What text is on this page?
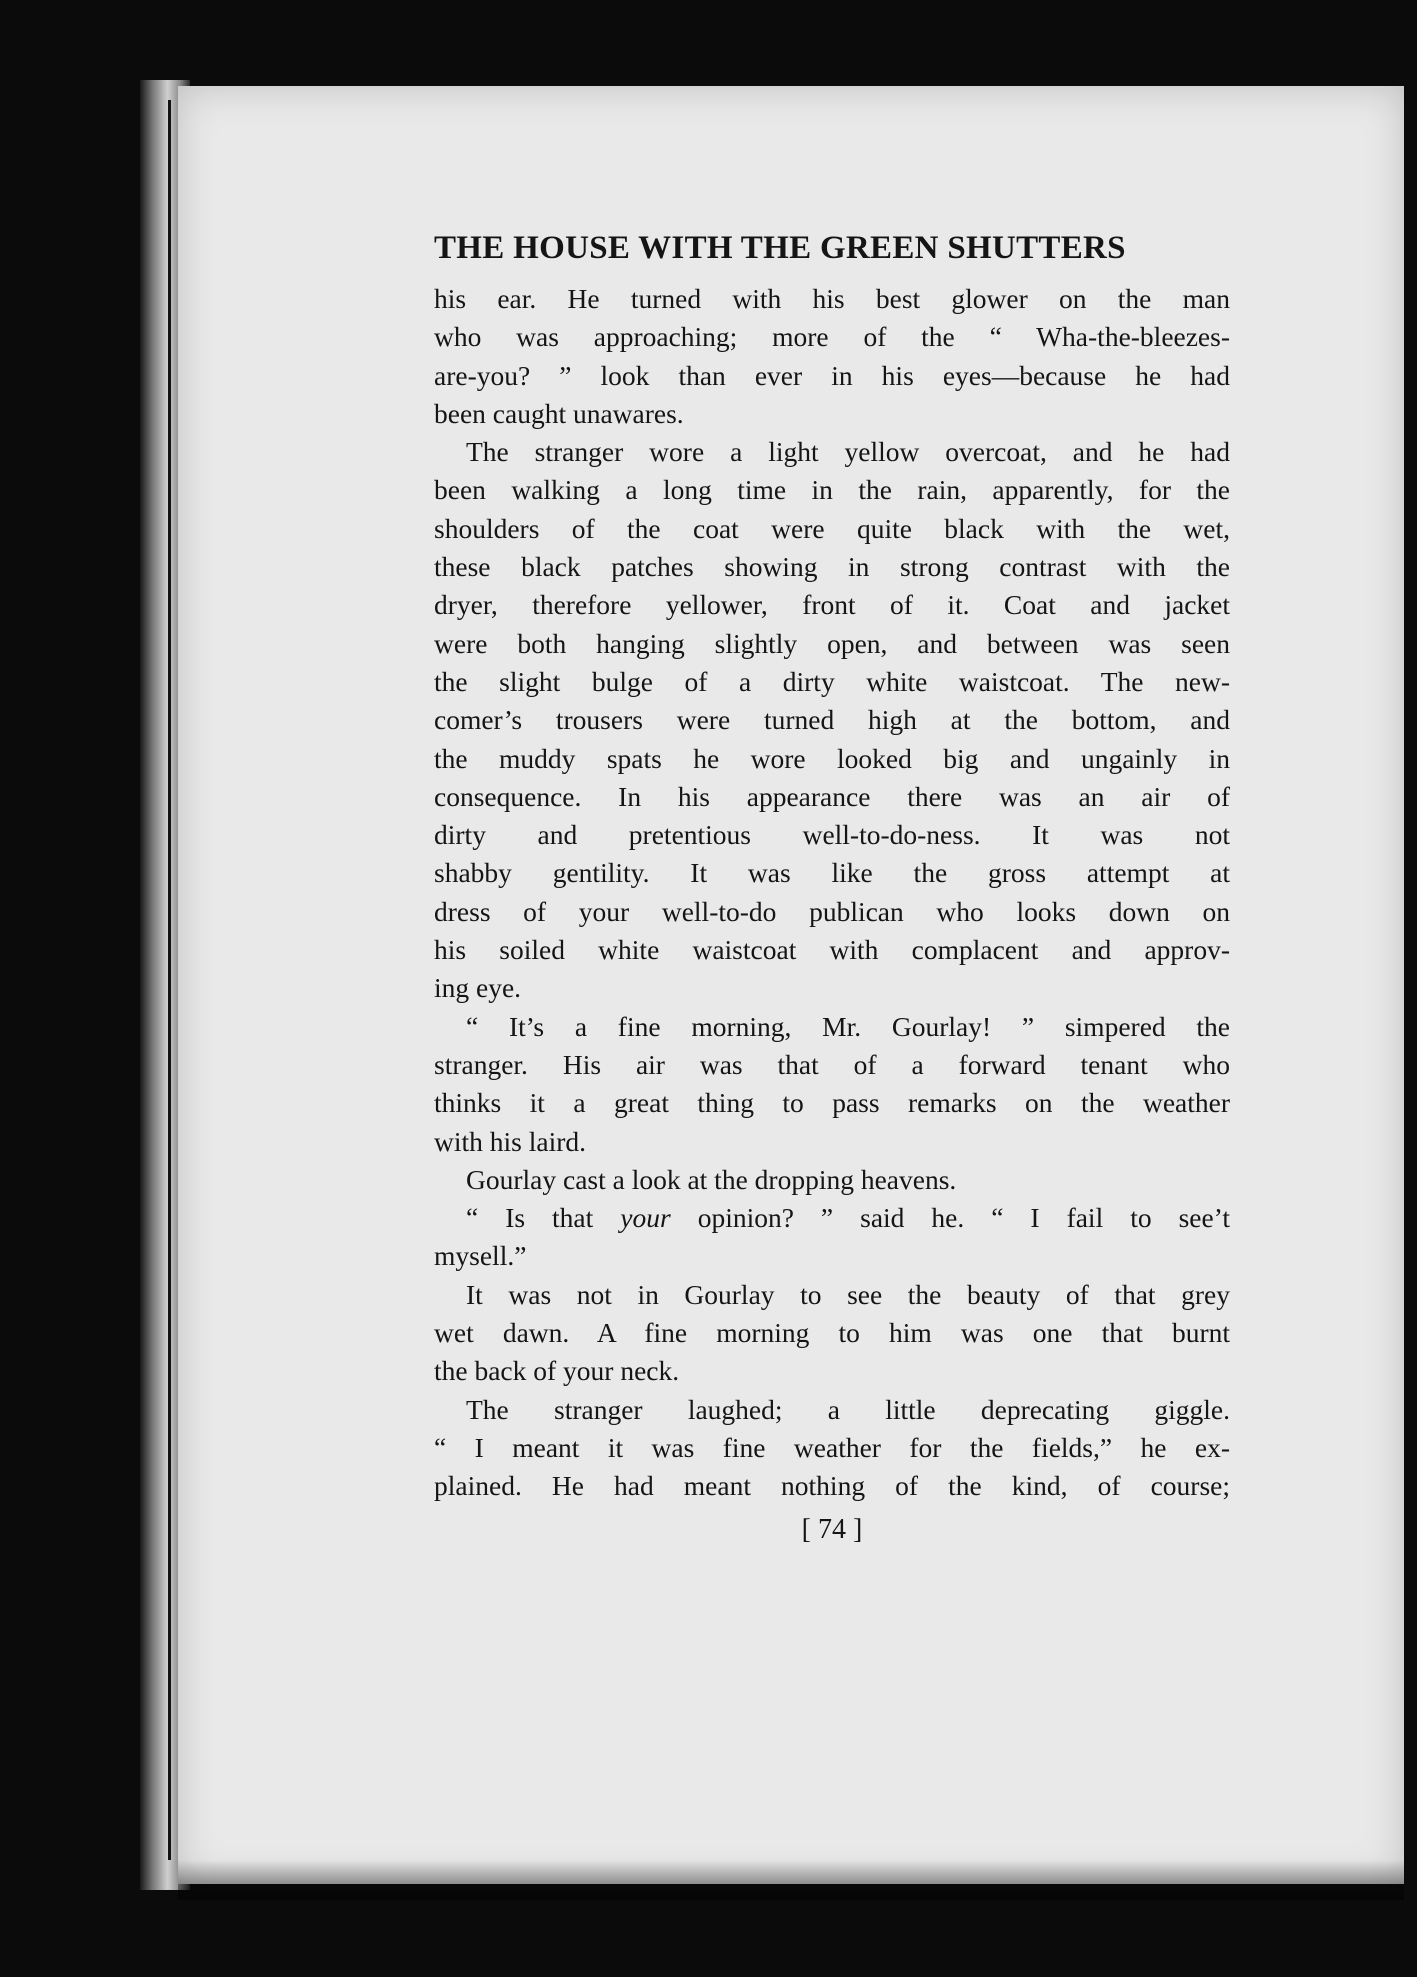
THE HOUSE WITH THE GREEN SHUTTERS
his ear. He turned with his best glower on the man
who was approaching; more of the “ Wha-the-bleezes-
are-you? ” look than ever in his eyes—because he had
been caught unawares.
The stranger wore a light yellow overcoat, and he had
been walking a long time in the rain, apparently, for the
shoulders of the coat were quite black with the wet,
these black patches showing in strong contrast with the
dryer, therefore yellower, front of it. Coat and jacket
were both hanging slightly open, and between was seen
the slight bulge of a dirty white waistcoat. The new-
comer’s trousers were turned high at the bottom, and
the muddy spats he wore looked big and ungainly in
consequence. In his appearance there was an air of
dirty and pretentious well-to-do-ness. It was not
shabby gentility. It was like the gross attempt at
dress of your well-to-do publican who looks down on
his soiled white waistcoat with complacent and approv-
ing eye.
“ It’s a fine morning, Mr. Gourlay! ” simpered the
stranger. His air was that of a forward tenant who
thinks it a great thing to pass remarks on the weather
with his laird.
Gourlay cast a look at the dropping heavens.
“ Is that your opinion? ” said he. “ I fail to see’t
mysell.”
It was not in Gourlay to see the beauty of that grey
wet dawn. A fine morning to him was one that burnt
the back of your neck.
The stranger laughed; a little deprecating giggle.
“ I meant it was fine weather for the fields,” he ex-
plained. He had meant nothing of the kind, of course;
[ 74 ]
